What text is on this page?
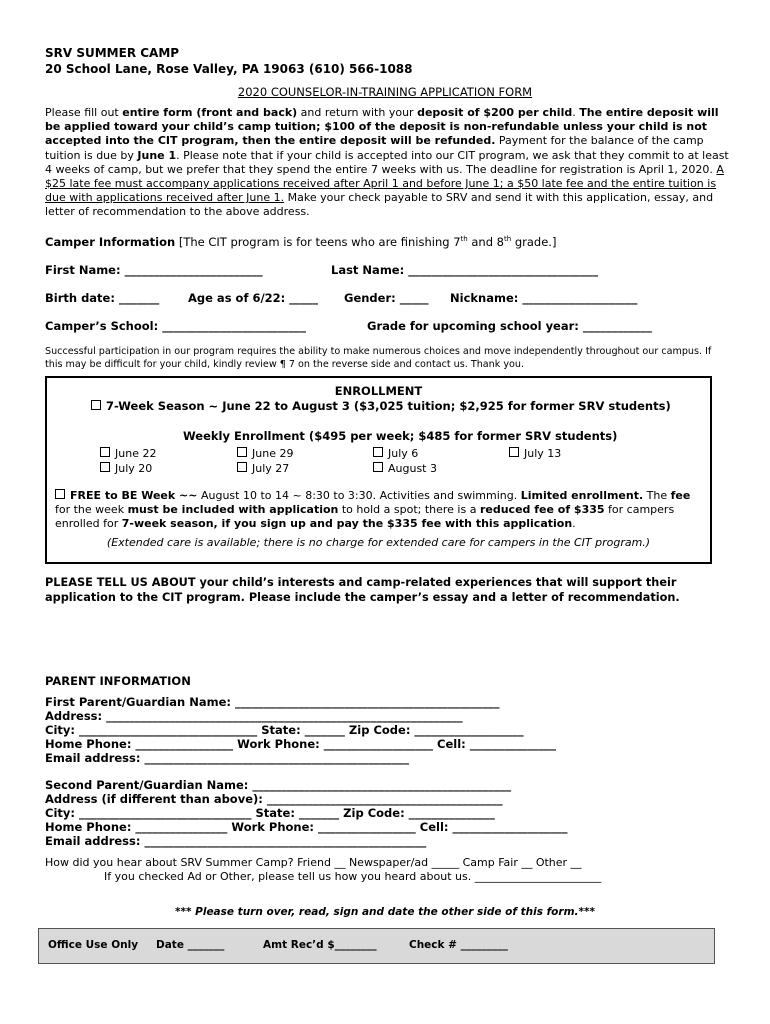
SRV SUMMER CAMP
20 School Lane, Rose Valley, PA 19063 (610) 566-1088
2020 COUNSELOR-IN-TRAINING APPLICATION FORM
Please fill out entire form (front and back) and return with your deposit of $200 per child. The entire deposit will be applied toward your child’s camp tuition; $100 of the deposit is non-refundable unless your child is not accepted into the CIT program, then the entire deposit will be refunded. Payment for the balance of the camp tuition is due by June 1. Please note that if your child is accepted into our CIT program, we ask that they commit to at least 4 weeks of camp, but we prefer that they spend the entire 7 weeks with us. The deadline for registration is April 1, 2020. A $25 late fee must accompany applications received after April 1 and before June 1; a $50 late fee and the entire tuition is due with applications received after June 1. Make your check payable to SRV and send it with this application, essay, and letter of recommendation to the above address.
Camper Information [The CIT program is for teens who are finishing 7th and 8th grade.]
First Name: ________________________	Last Name: _________________________________
Birth date: _______	Age as of 6/22: _____ Gender: _____ Nickname: ____________________
Camper’s School: _________________________	Grade for upcoming school year: ____________
Successful participation in our program requires the ability to make numerous choices and move independently throughout our campus. If this may be difficult for your child, kindly review ¶ 7 on the reverse side and contact us. Thank you.
ENROLLMENT
7-Week Season ~ June 22 to August 3 ($3,025 tuition; $2,925 for former SRV students)
Weekly Enrollment ($495 per week; $485 for former SRV students)
June 22	June 29	July 6	July 13
July 20	July 27	August 3
FREE to BE Week ~~ August 10 to 14 ~ 8:30 to 3:30. Activities and swimming. Limited enrollment. The fee for the week must be included with application to hold a spot; there is a reduced fee of $335 for campers enrolled for 7-week season, if you sign up and pay the $335 fee with this application.
(Extended care is available; there is no charge for extended care for campers in the CIT program.)
PLEASE TELL US ABOUT your child’s interests and camp-related experiences that will support their application to the CIT program. Please include the camper’s essay and a letter of recommendation.
PARENT INFORMATION
First Parent/Guardian Name: ______________________________________________
Address: ______________________________________________________________
City: _______________________________ State: _______ Zip Code: ___________________
Home Phone: _________________ Work Phone: ___________________ Cell: _______________
Email address: ______________________________________________
Second Parent/Guardian Name: _____________________________________________
Address (if different than above): _________________________________________
City: ______________________________ State: _______ Zip Code: _______________
Home Phone: ________________ Work Phone: _________________ Cell: ____________________
Email address: _________________________________________________
How did you hear about SRV Summer Camp? Friend __ Newspaper/ad _____ Camp Fair __ Other __
If you checked Ad or Other, please tell us how you heard about us. _______________________
*** Please turn over, read, sign and date the other side of this form.***
Office Use Only Date _______	Amt Rec’d $________	Check # _________
